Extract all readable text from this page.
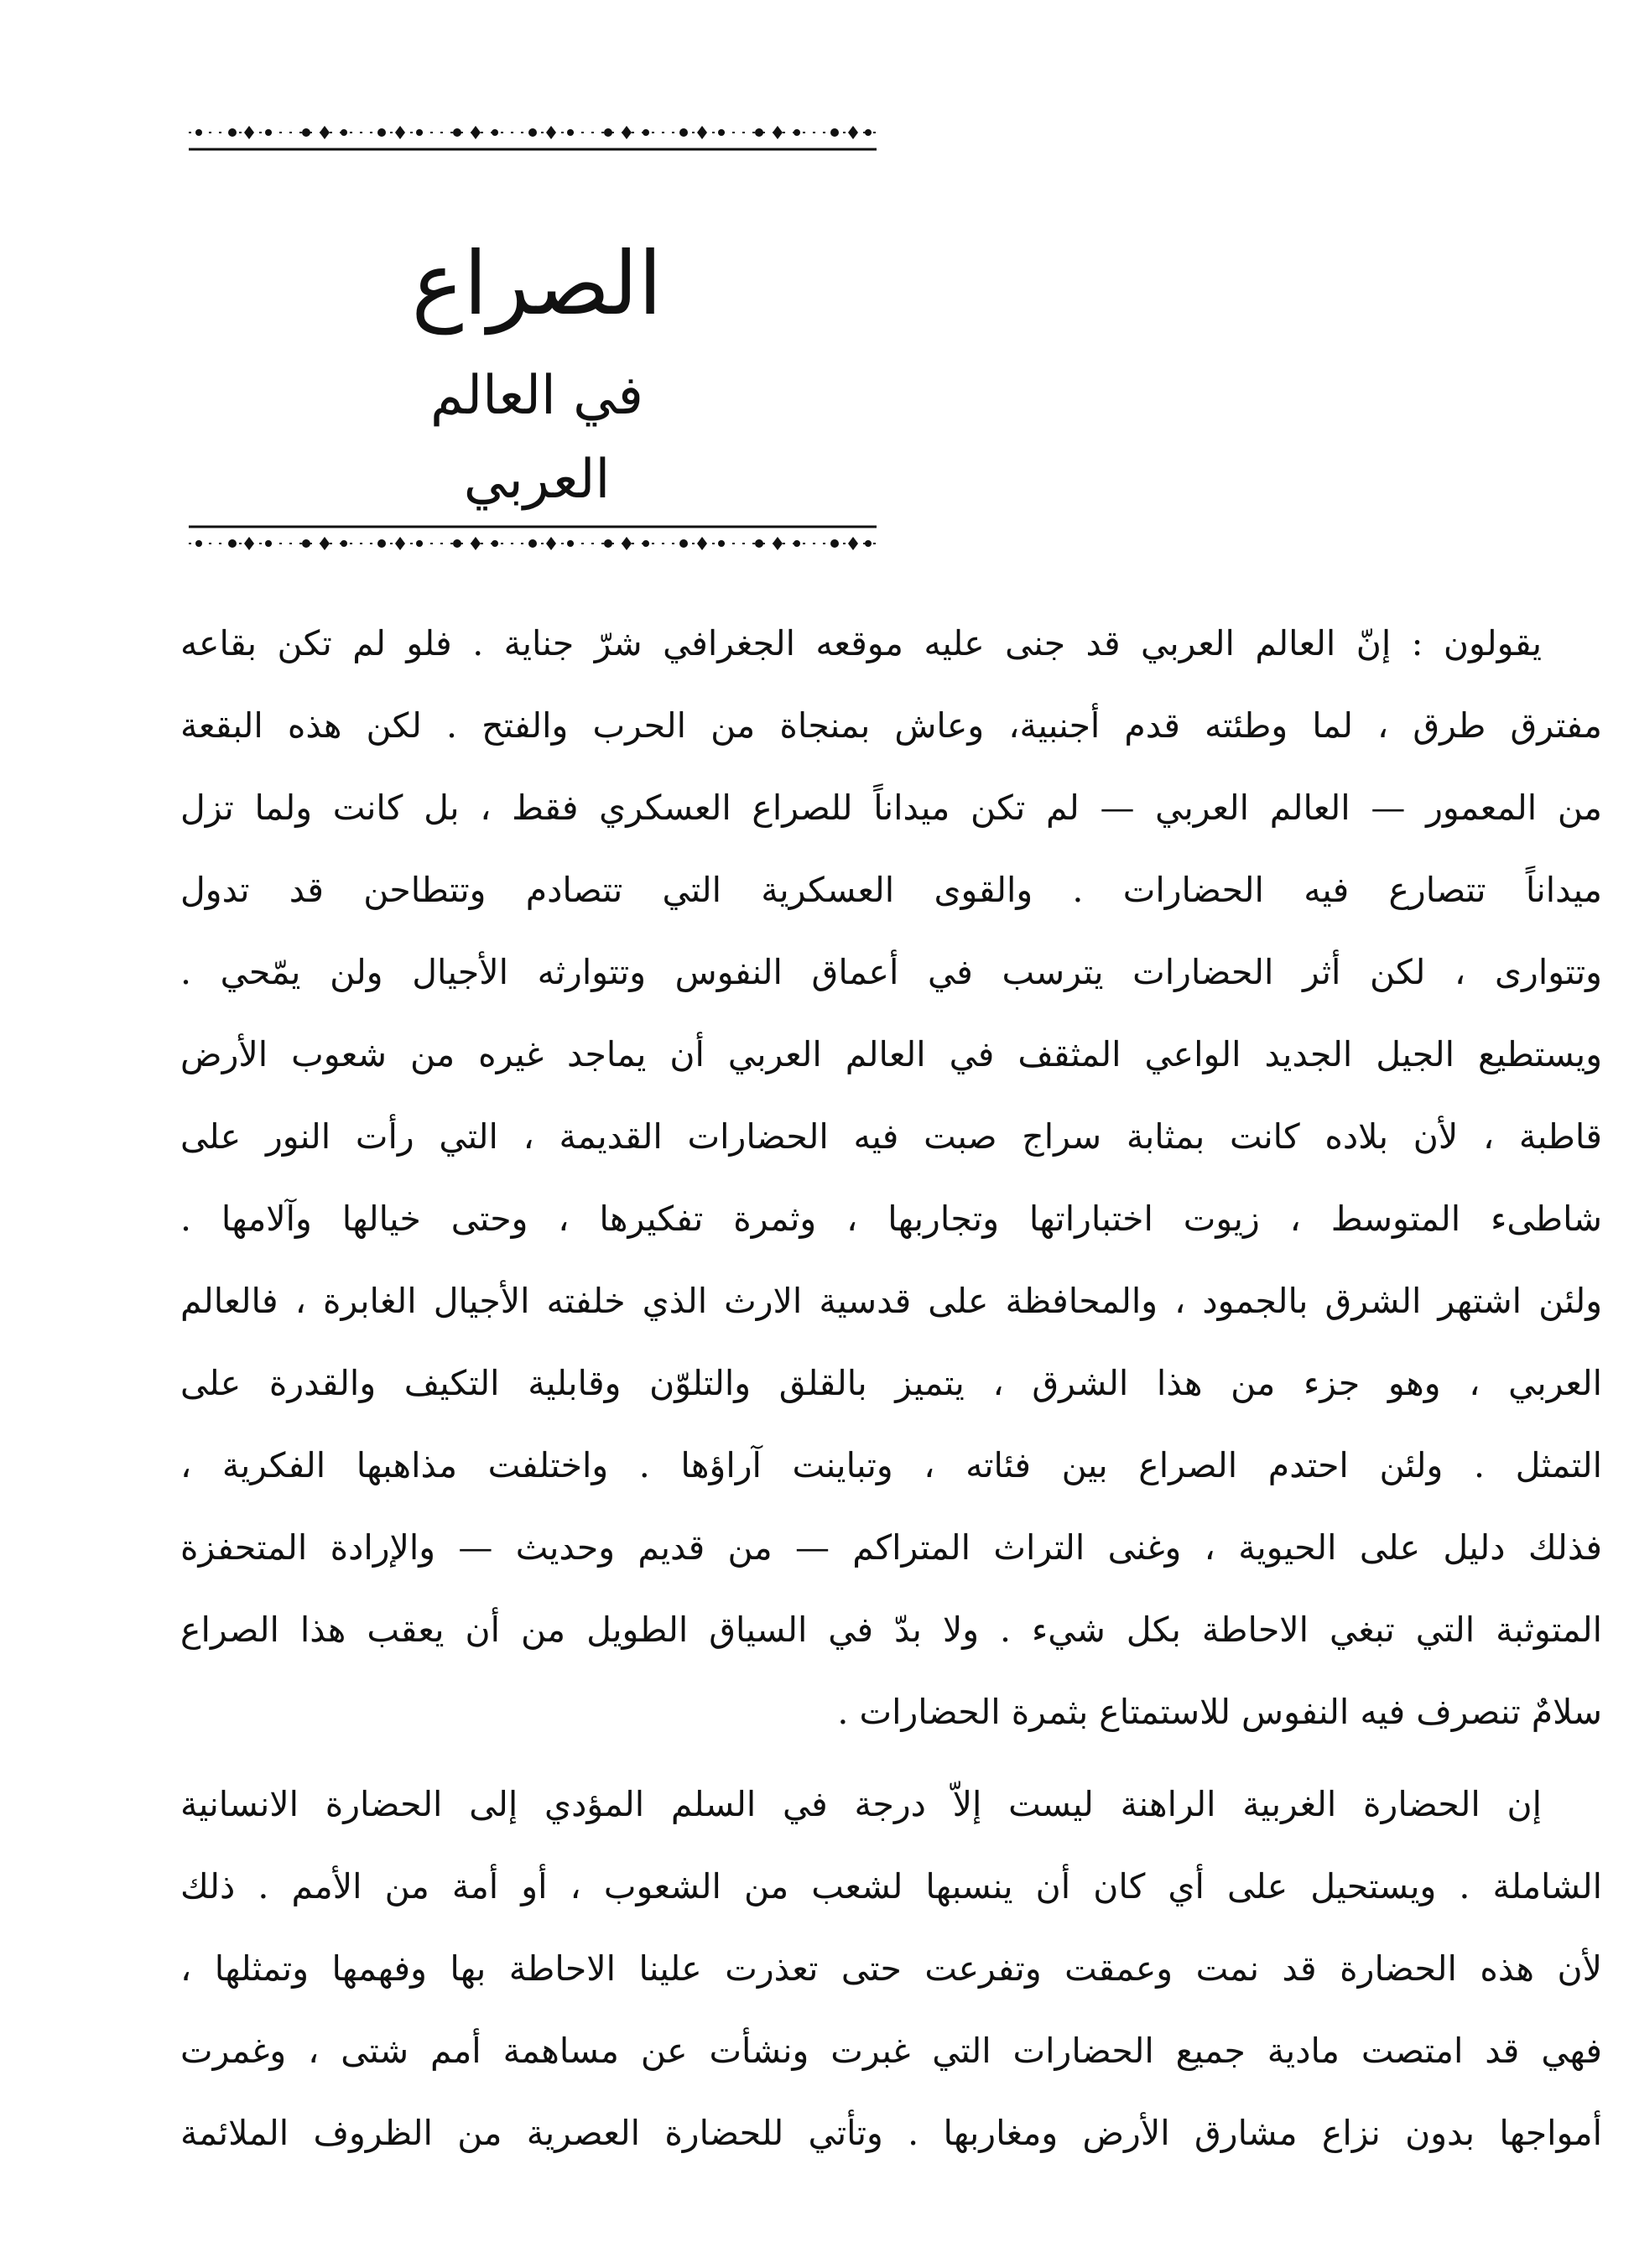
الصراع
في العالم العربي
يقولون : إنّ العالم العربي قد جنى عليه موقعه الجغرافي شرّ جناية . فلو لم تكن بقاعه
مفترق طرق ، لما وطئته قدم أجنبية، وعاش بمنجاة من الحرب والفتح . لكن هذه البقعة
من المعمور — العالم العربي — لم تكن ميداناً للصراع العسكري فقط ، بل كانت ولما تزل
ميداناً تتصارع فيه الحضارات . والقوى العسكرية التي تتصادم وتتطاحن قد تدول
وتتوارى ، لكن أثر الحضارات يترسب في أعماق النفوس وتتوارثه الأجيال ولن يمّحي .
ويستطيع الجيل الجديد الواعي المثقف في العالم العربي أن يماجد غيره من شعوب الأرض
قاطبة ، لأن بلاده كانت بمثابة سراج صبت فيه الحضارات القديمة ، التي رأت النور على
شاطىء المتوسط ، زيوت اختباراتها وتجاربها ، وثمرة تفكيرها ، وحتى خيالها وآلامها .
ولئن اشتهر الشرق بالجمود ، والمحافظة على قدسية الارث الذي خلفته الأجيال الغابرة ، فالعالم
العربي ، وهو جزء من هذا الشرق ، يتميز بالقلق والتلوّن وقابلية التكيف والقدرة على
التمثل . ولئن احتدم الصراع بين فئاته ، وتباينت آراؤها . واختلفت مذاهبها الفكرية ،
فذلك دليل على الحيوية ، وغنى التراث المتراكم — من قديم وحديث — والإرادة المتحفزة
المتوثبة التي تبغي الاحاطة بكل شيء . ولا بدّ في السياق الطويل من أن يعقب هذا الصراع
سلامٌ تنصرف فيه النفوس للاستمتاع بثمرة الحضارات .
إن الحضارة الغربية الراهنة ليست إلاّ درجة في السلم المؤدي إلى الحضارة الانسانية
الشاملة . ويستحيل على أي كان أن ينسبها لشعب من الشعوب ، أو أمة من الأمم . ذلك
لأن هذه الحضارة قد نمت وعمقت وتفرعت حتى تعذرت علينا الاحاطة بها وفهمها وتمثلها ،
فهي قد امتصت مادية جميع الحضارات التي غبرت ونشأت عن مساهمة أمم شتى ، وغمرت
أمواجها بدون نزاع مشارق الأرض ومغاربها . وتأتي للحضارة العصرية من الظروف الملائمة
